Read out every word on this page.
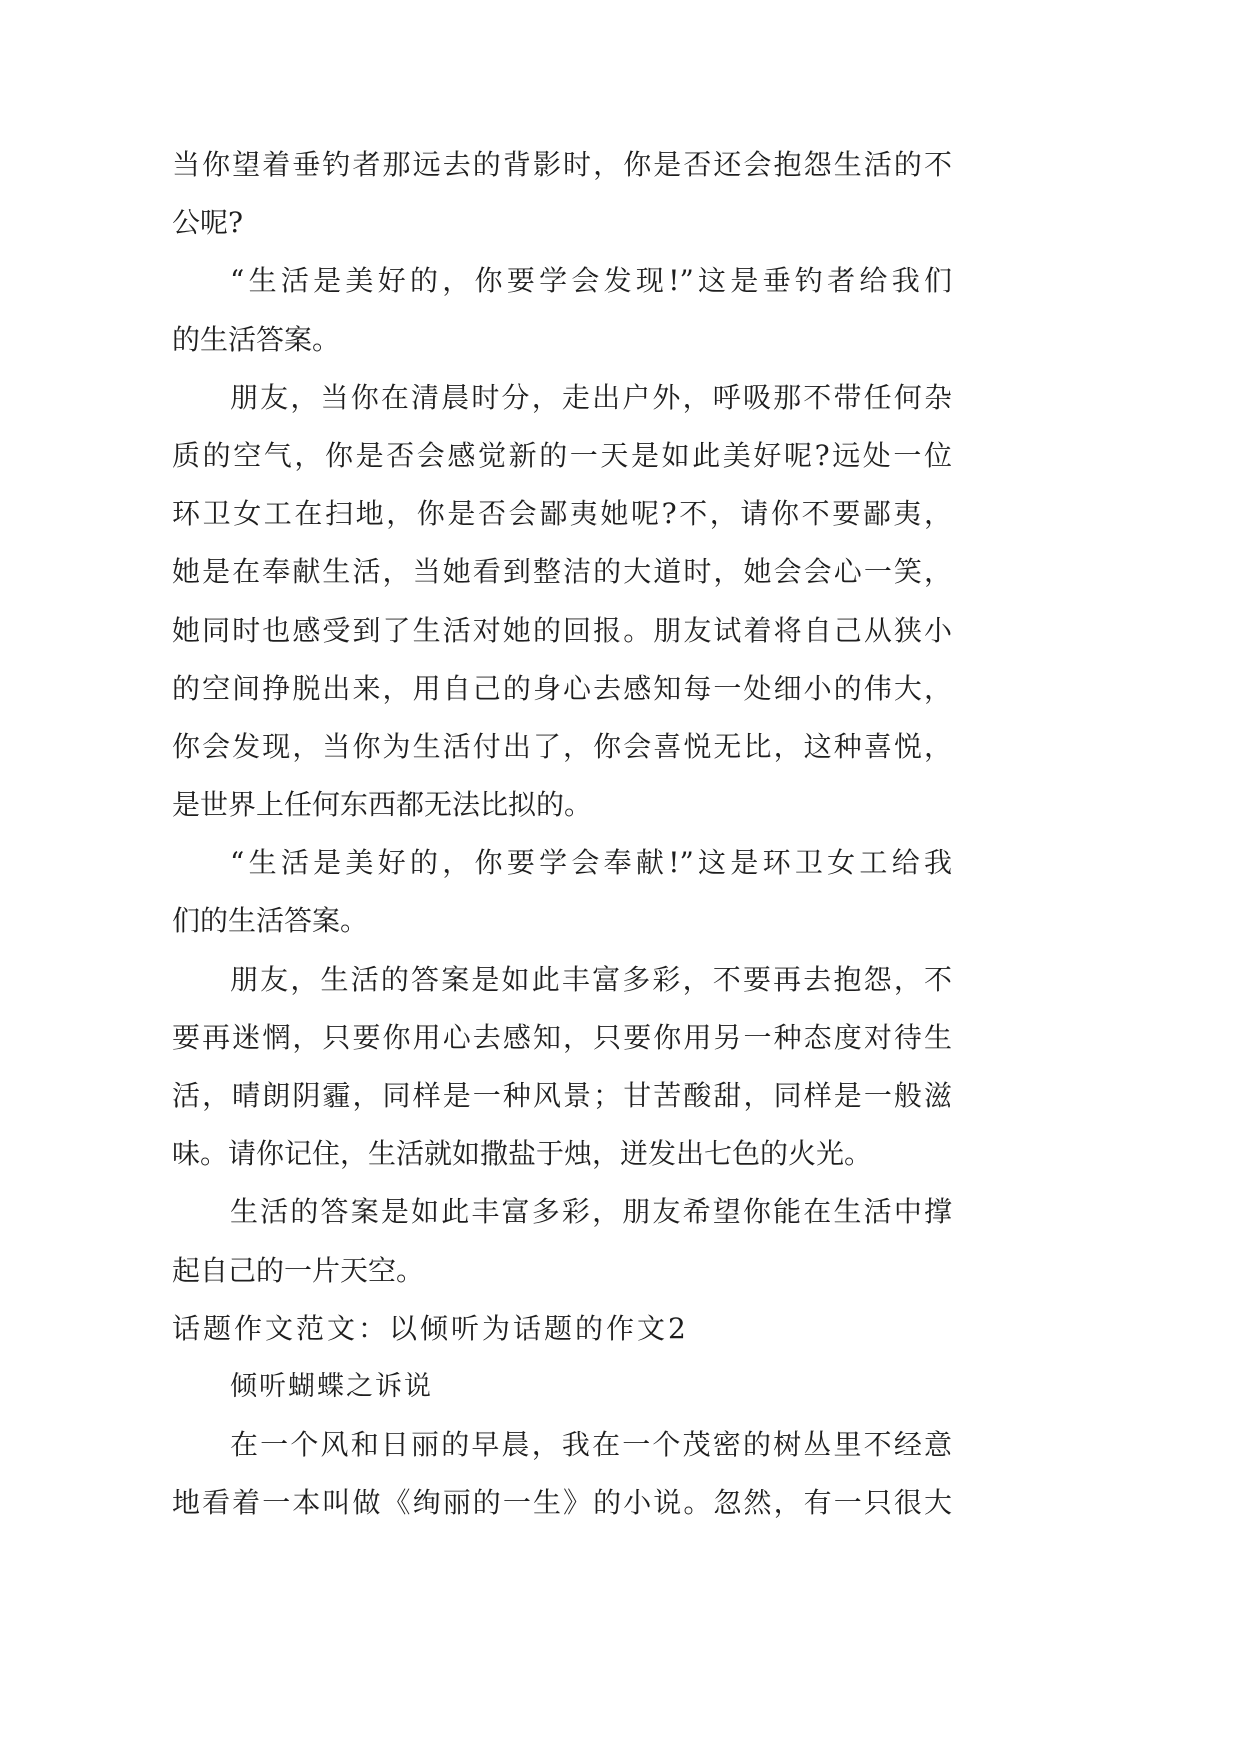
当你望着垂钓者那远去的背影时，你是否还会抱怨生活的不
公呢?
“生活是美好的，你要学会发现!”这是垂钓者给我们
的生活答案。
朋友，当你在清晨时分，走出户外，呼吸那不带任何杂
质的空气，你是否会感觉新的一天是如此美好呢?远处一位
环卫女工在扫地，你是否会鄙夷她呢?不，请你不要鄙夷，
她是在奉献生活，当她看到整洁的大道时，她会会心一笑，
她同时也感受到了生活对她的回报。朋友试着将自己从狭小
的空间挣脱出来，用自己的身心去感知每一处细小的伟大，
你会发现，当你为生活付出了，你会喜悦无比，这种喜悦，
是世界上任何东西都无法比拟的。
“生活是美好的，你要学会奉献!”这是环卫女工给我
们的生活答案。
朋友，生活的答案是如此丰富多彩，不要再去抱怨，不
要再迷惘，只要你用心去感知，只要你用另一种态度对待生
活，晴朗阴霾，同样是一种风景；甘苦酸甜，同样是一般滋
味。请你记住，生活就如撒盐于烛，迸发出七色的火光。
生活的答案是如此丰富多彩，朋友希望你能在生活中撑
起自己的一片天空。
话题作文范文：以倾听为话题的作文2
倾听蝴蝶之诉说
在一个风和日丽的早晨，我在一个茂密的树丛里不经意
地看着一本叫做《绚丽的一生》的小说。忽然，有一只很大
